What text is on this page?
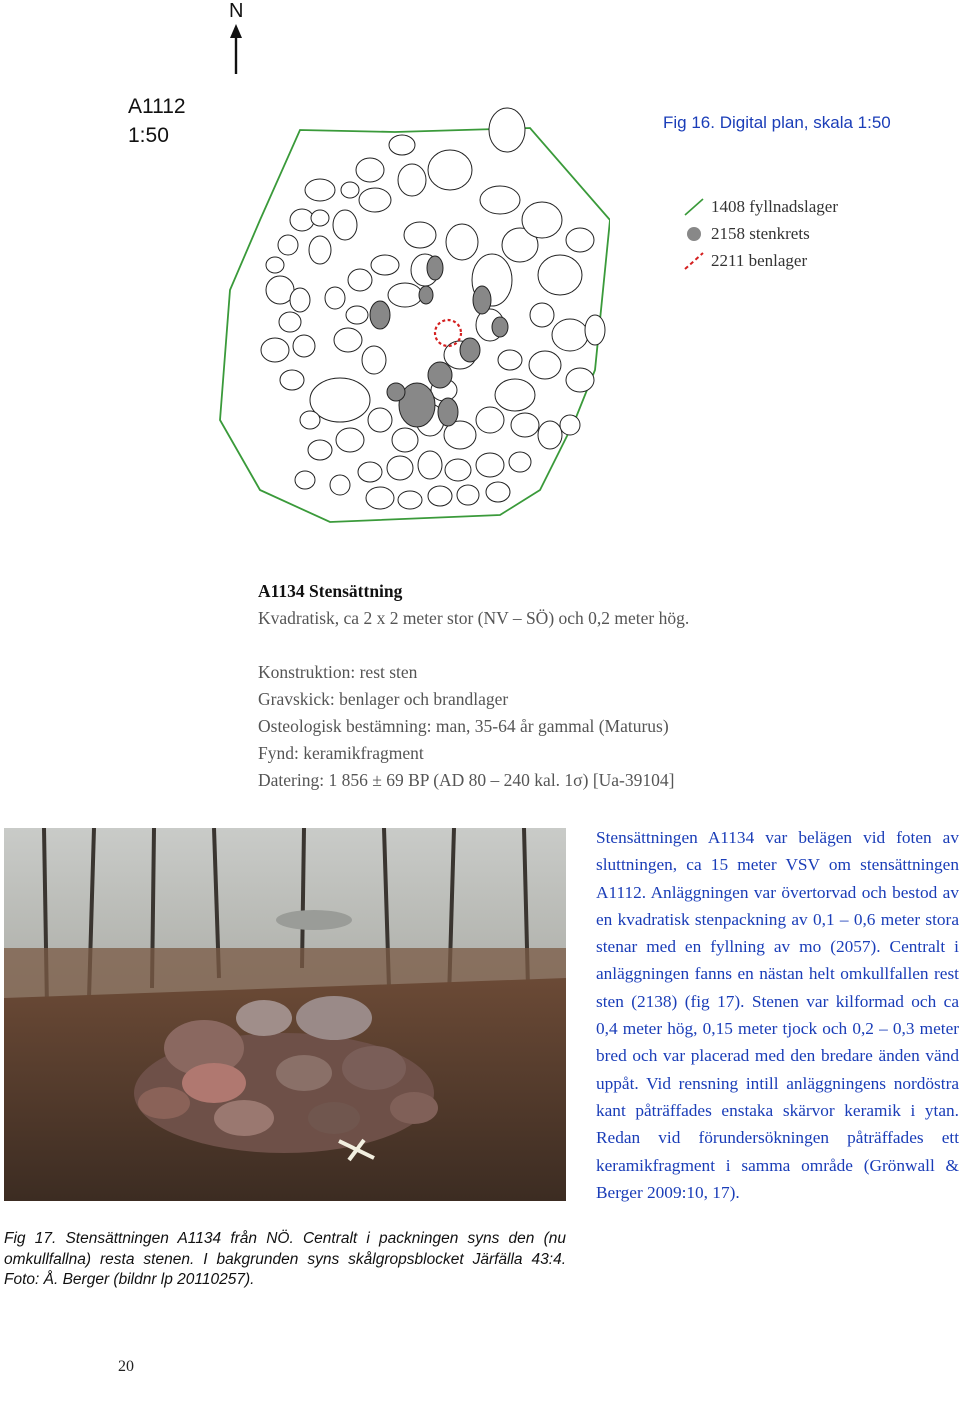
N
A1112
1:50
Fig 16. Digital plan, skala 1:50
1408 fyllnadslager
2158 stenkrets
2211 benlager
A1134 Stensättning
Kvadratisk, ca 2 x 2 meter stor (NV – SÖ) och 0,2 meter hög.
Konstruktion: rest sten
Gravskick: benlager och brandlager
Osteologisk bestämning: man, 35-64 år gammal (Maturus)
Fynd: keramikfragment
Datering: 1 856 ± 69 BP (AD 80 – 240 kal. 1σ) [Ua-39104]
Fig 17. Stensättningen A1134 från NÖ. Centralt i packningen syns den (nu omkullfallna) resta stenen. I bakgrunden syns skålgropsblocket Järfälla 43:4. Foto: Å. Berger (bildnr lp 20110257).
Stensättningen A1134 var belägen vid foten av sluttningen, ca 15 meter VSV om stensättningen A1112. Anläggningen var övertorvad och bestod av en kvadratisk stenpackning av 0,1 – 0,6 meter stora stenar med en fyllning av mo (2057). Centralt i anläggningen fanns en nästan helt omkullfallen rest sten (2138) (fig 17). Stenen var kilformad och ca 0,4 meter hög, 0,15 meter tjock och 0,2 – 0,3 meter bred och var placerad med den bredare änden vänd uppåt. Vid rensning intill anläggningens nordöstra kant påträffades enstaka skärvor keramik i ytan. Redan vid förundersökningen påträffades ett keramikfragment i samma område (Grönwall & Berger 2009:10, 17).
20
